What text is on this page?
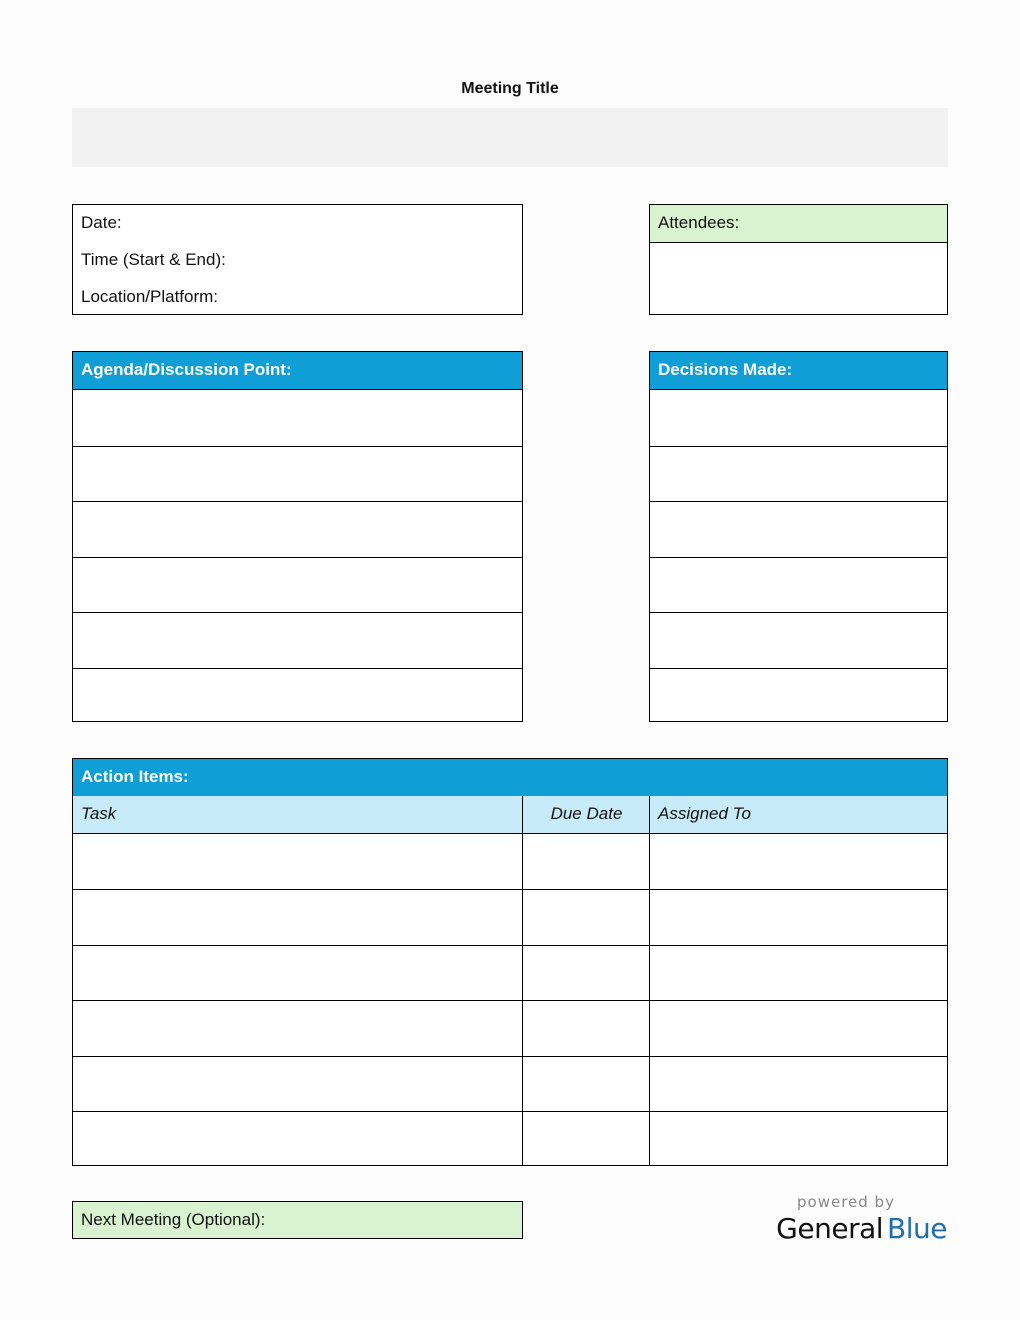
Meeting Title
Date:
Time (Start & End):
Location/Platform:
Attendees:
Agenda/Discussion Point:	Decisions Made:
Action Items:
Task	Due Date	Assigned To
Next Meeting (Optional):
powered by
General Blue
